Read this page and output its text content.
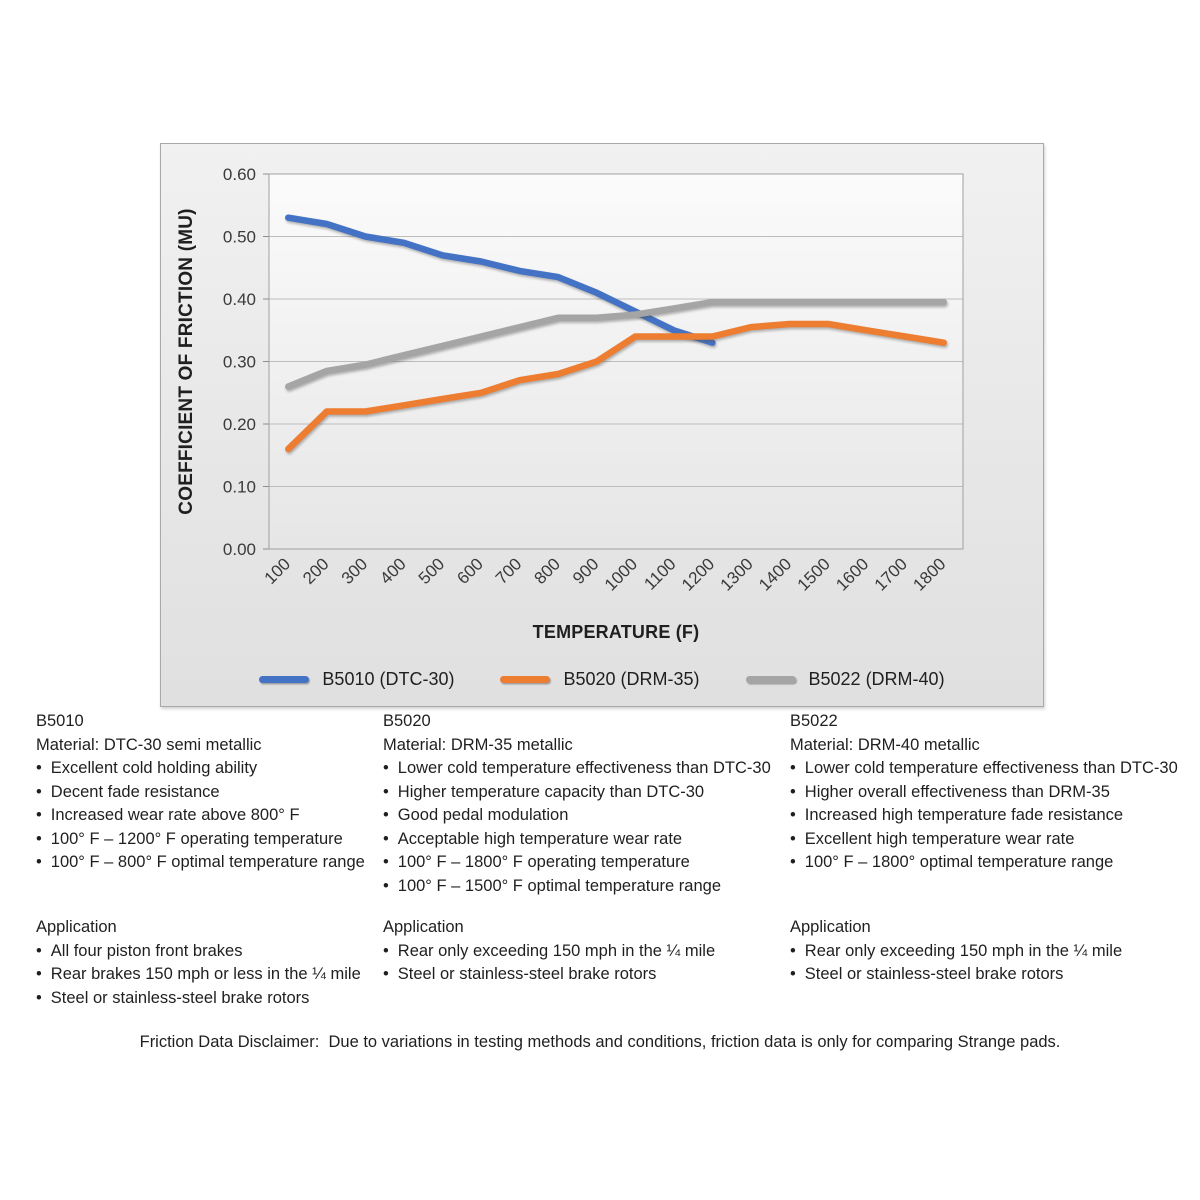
0.00
0.10
0.20
0.30
0.40
0.50
0.60
100 200 300 400 500 600 700 800 900
1000 1100
1200
1300
1400
1500
1600
1700
1800
COEFFICIENT OF FRICTION (MU)
TEMPERATURE (F)
B5010 (DTC-30)	B5020 (DRM-35)	B5022 (DRM-40)
B5010
Material: DTC-30 semi metallic
• Excellent cold holding ability
• Decent fade resistance
• Increased wear rate above 800° F
• 100° F – 1200° F operating temperature
• 100° F – 800° F optimal temperature range
B5020
Material: DRM-35 metallic
• Lower cold temperature effectiveness than DTC-30
• Higher temperature capacity than DTC-30
• Good pedal modulation
• Acceptable high temperature wear rate
• 100° F – 1800° F operating temperature
• 100° F – 1500° F optimal temperature range
B5022
Material: DRM-40 metallic
• Lower cold temperature effectiveness than DTC-30
• Higher overall effectiveness than DRM-35
• Increased high temperature fade resistance
• Excellent high temperature wear rate
• 100° F – 1800° optimal temperature range
Application
• All four piston front brakes
• Rear brakes 150 mph or less in the ¼ mile
• Steel or stainless-steel brake rotors
Application
• Rear only exceeding 150 mph in the ¼ mile
• Steel or stainless-steel brake rotors
Application
• Rear only exceeding 150 mph in the ¼ mile
• Steel or stainless-steel brake rotors
Friction Data Disclaimer:  Due to variations in testing methods and conditions, friction data is only for comparing Strange pads.
